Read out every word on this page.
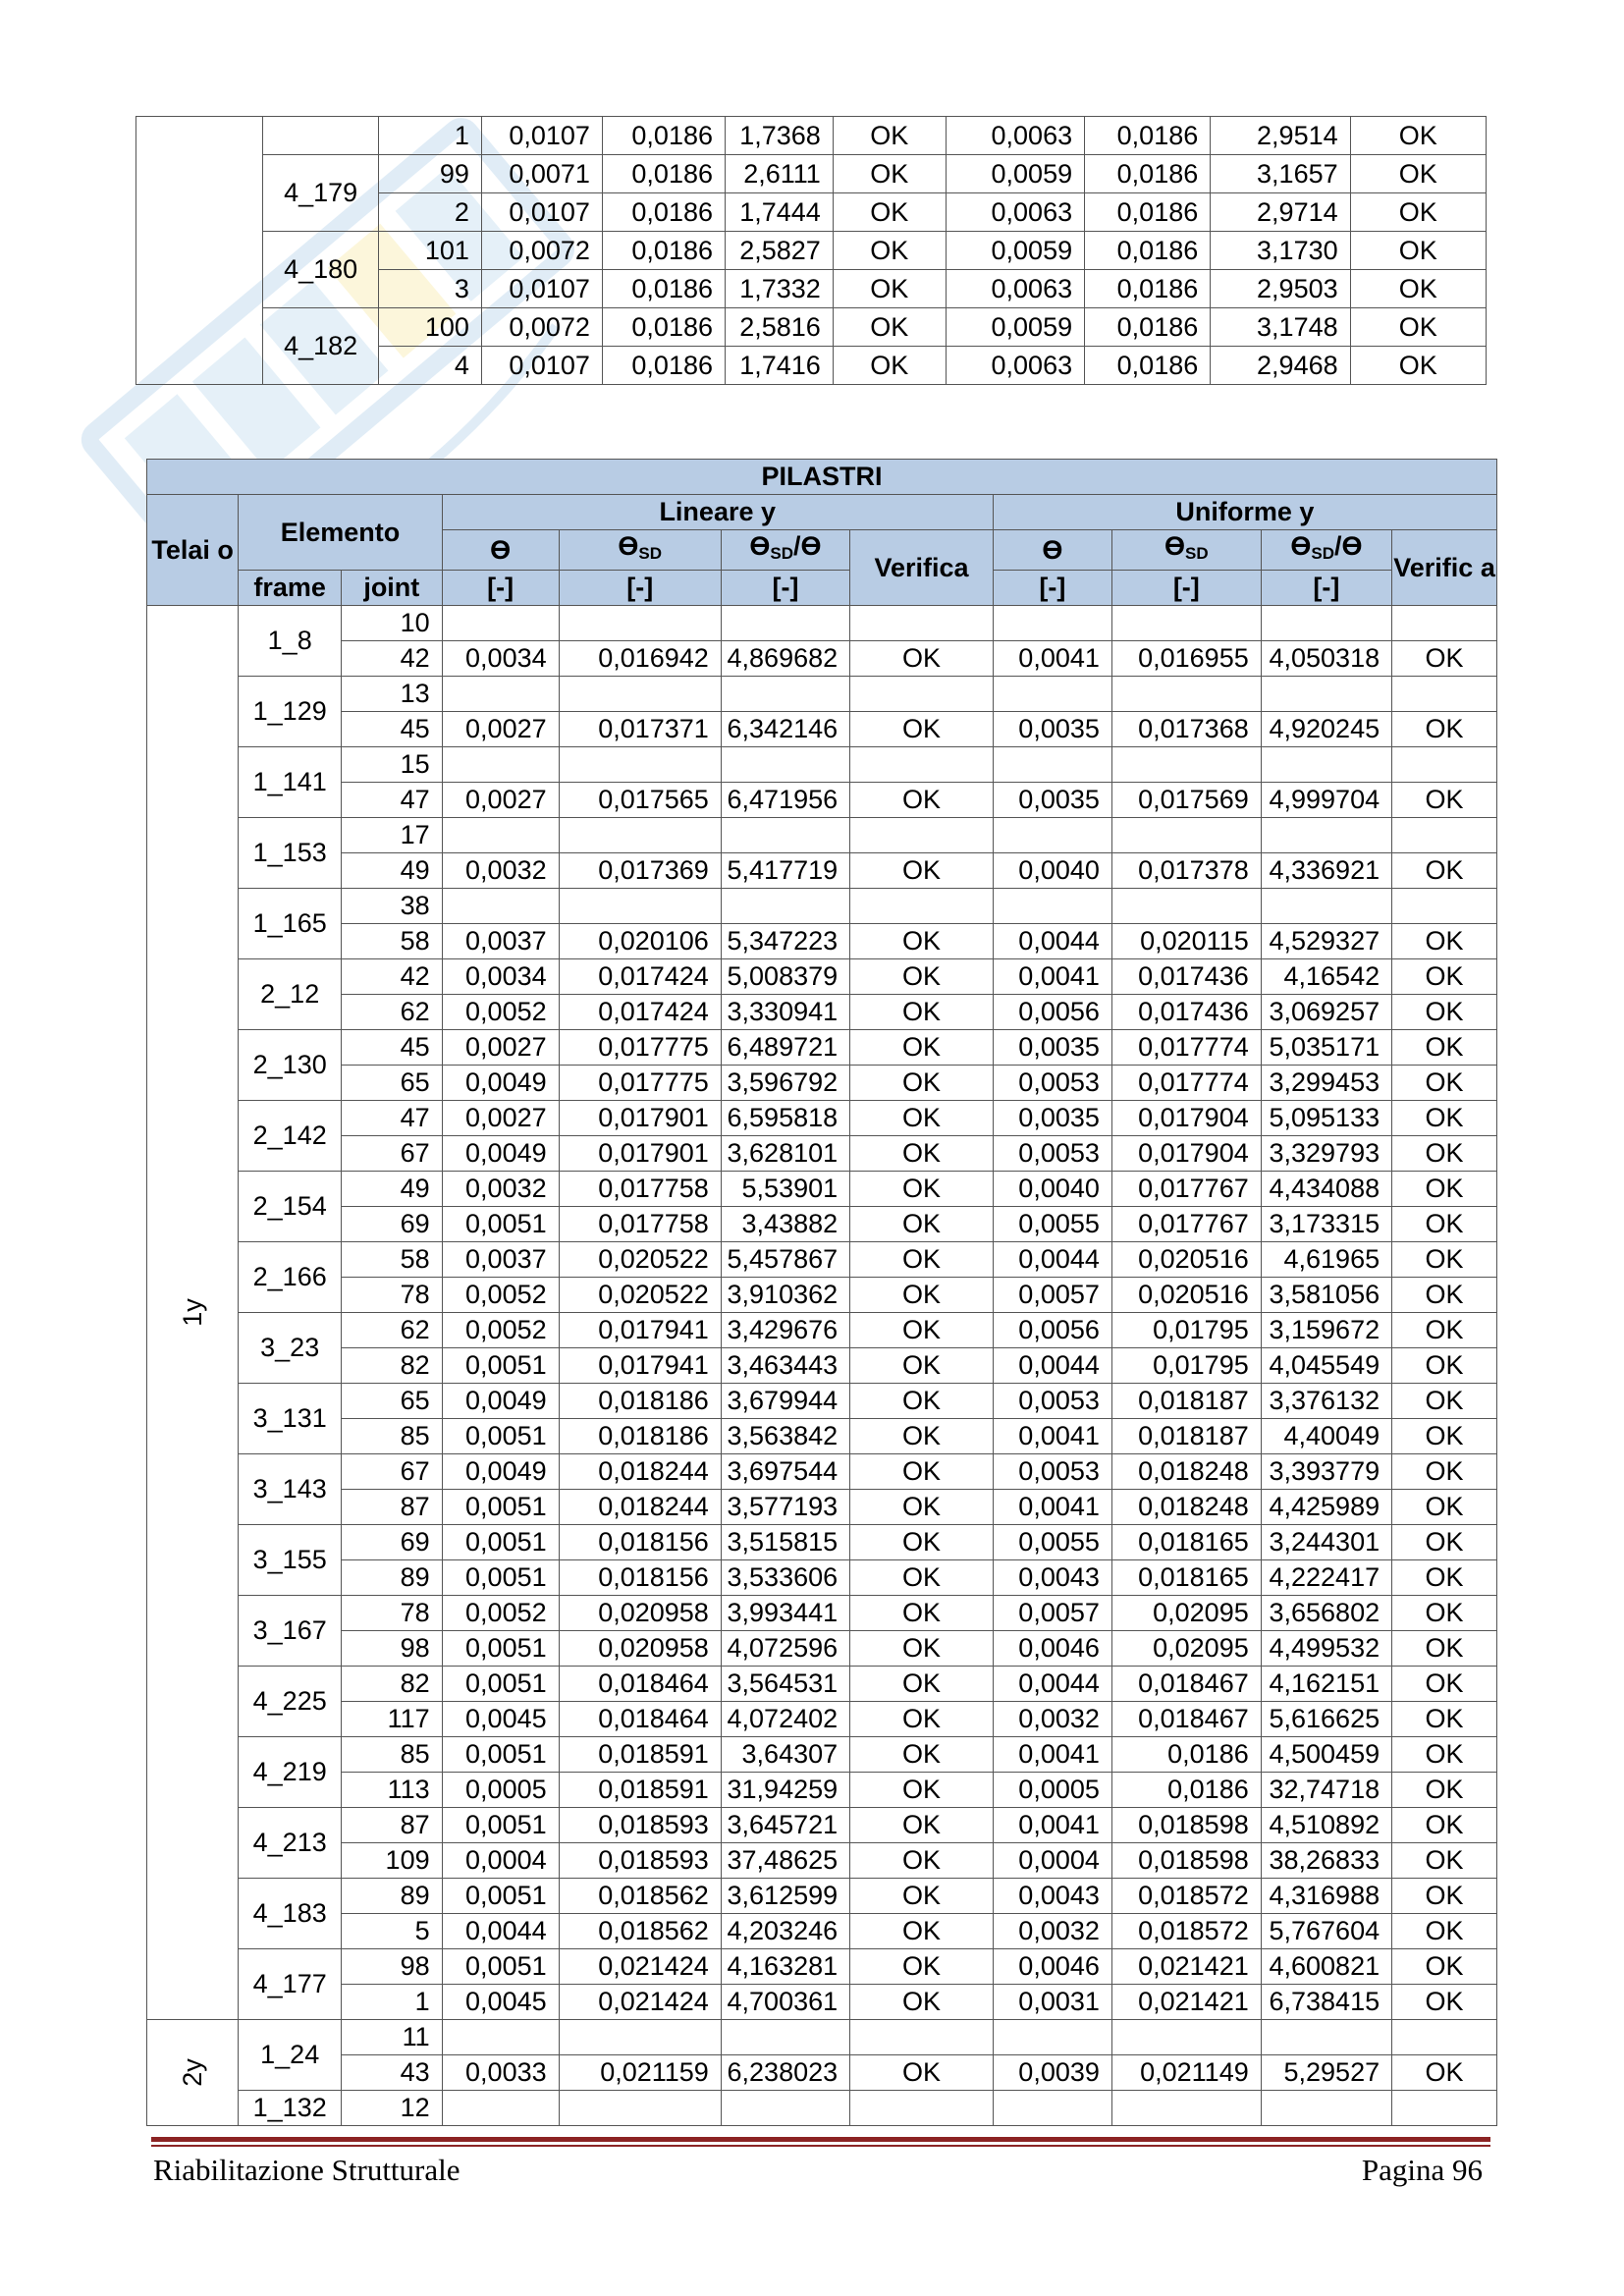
		1	0,0107	0,0186	1,7368	OK	0,0063	0,0186	2,9514	OK
	4_179	99	0,0071	0,0186	2,6111	OK	0,0059	0,0186	3,1657	OK
		2	0,0107	0,0186	1,7444	OK	0,0063	0,0186	2,9714	OK
	4_180	101	0,0072	0,0186	2,5827	OK	0,0059	0,0186	3,1730	OK
		3	0,0107	0,0186	1,7332	OK	0,0063	0,0186	2,9503	OK
	4_182	100	0,0072	0,0186	2,5816	OK	0,0059	0,0186	3,1748	OK
		4	0,0107	0,0186	1,7416	OK	0,0063	0,0186	2,9468	OK
PILASTRI										
Telai o	Elemento		Lineare y				Uniforme y			
			ϴ	$ϴ_{SD}$	$ϴ_{SD}/ϴ$	Verifica	ϴ	$ϴ_{SD}$	$ϴ_{SD}/ϴ$	Verific a
	frame	joint	[-]	[-]	[-]		[-]	[-]	[-]	
1y	1_8	10								
		42	0,0034	0,016942	4,869682	OK	0,0041	0,016955	4,050318	OK
	1_129	13								
		45	0,0027	0,017371	6,342146	OK	0,0035	0,017368	4,920245	OK
	1_141	15								
		47	0,0027	0,017565	6,471956	OK	0,0035	0,017569	4,999704	OK
	1_153	17								
		49	0,0032	0,017369	5,417719	OK	0,0040	0,017378	4,336921	OK
	1_165	38								
		58	0,0037	0,020106	5,347223	OK	0,0044	0,020115	4,529327	OK
	2_12	42	0,0034	0,017424	5,008379	OK	0,0041	0,017436	4,16542	OK
		62	0,0052	0,017424	3,330941	OK	0,0056	0,017436	3,069257	OK
	2_130	45	0,0027	0,017775	6,489721	OK	0,0035	0,017774	5,035171	OK
		65	0,0049	0,017775	3,596792	OK	0,0053	0,017774	3,299453	OK
	2_142	47	0,0027	0,017901	6,595818	OK	0,0035	0,017904	5,095133	OK
		67	0,0049	0,017901	3,628101	OK	0,0053	0,017904	3,329793	OK
	2_154	49	0,0032	0,017758	5,53901	OK	0,0040	0,017767	4,434088	OK
		69	0,0051	0,017758	3,43882	OK	0,0055	0,017767	3,173315	OK
	2_166	58	0,0037	0,020522	5,457867	OK	0,0044	0,020516	4,61965	OK
		78	0,0052	0,020522	3,910362	OK	0,0057	0,020516	3,581056	OK
	3_23	62	0,0052	0,017941	3,429676	OK	0,0056	0,01795	3,159672	OK
		82	0,0051	0,017941	3,463443	OK	0,0044	0,01795	4,045549	OK
	3_131	65	0,0049	0,018186	3,679944	OK	0,0053	0,018187	3,376132	OK
		85	0,0051	0,018186	3,563842	OK	0,0041	0,018187	4,40049	OK
	3_143	67	0,0049	0,018244	3,697544	OK	0,0053	0,018248	3,393779	OK
		87	0,0051	0,018244	3,577193	OK	0,0041	0,018248	4,425989	OK
	3_155	69	0,0051	0,018156	3,515815	OK	0,0055	0,018165	3,244301	OK
		89	0,0051	0,018156	3,533606	OK	0,0043	0,018165	4,222417	OK
	3_167	78	0,0052	0,020958	3,993441	OK	0,0057	0,02095	3,656802	OK
		98	0,0051	0,020958	4,072596	OK	0,0046	0,02095	4,499532	OK
	4_225	82	0,0051	0,018464	3,564531	OK	0,0044	0,018467	4,162151	OK
		117	0,0045	0,018464	4,072402	OK	0,0032	0,018467	5,616625	OK
	4_219	85	0,0051	0,018591	3,64307	OK	0,0041	0,0186	4,500459	OK
		113	0,0005	0,018591	31,94259	OK	0,0005	0,0186	32,74718	OK
	4_213	87	0,0051	0,018593	3,645721	OK	0,0041	0,018598	4,510892	OK
		109	0,0004	0,018593	37,48625	OK	0,0004	0,018598	38,26833	OK
	4_183	89	0,0051	0,018562	3,612599	OK	0,0043	0,018572	4,316988	OK
		5	0,0044	0,018562	4,203246	OK	0,0032	0,018572	5,767604	OK
	4_177	98	0,0051	0,021424	4,163281	OK	0,0046	0,021421	4,600821	OK
		1	0,0045	0,021424	4,700361	OK	0,0031	0,021421	6,738415	OK
2y	1_24	11								
		43	0,0033	0,021159	6,238023	OK	0,0039	0,021149	5,29527	OK
	1_132	12								
Riabilitazione Strutturale	Pagina 96
